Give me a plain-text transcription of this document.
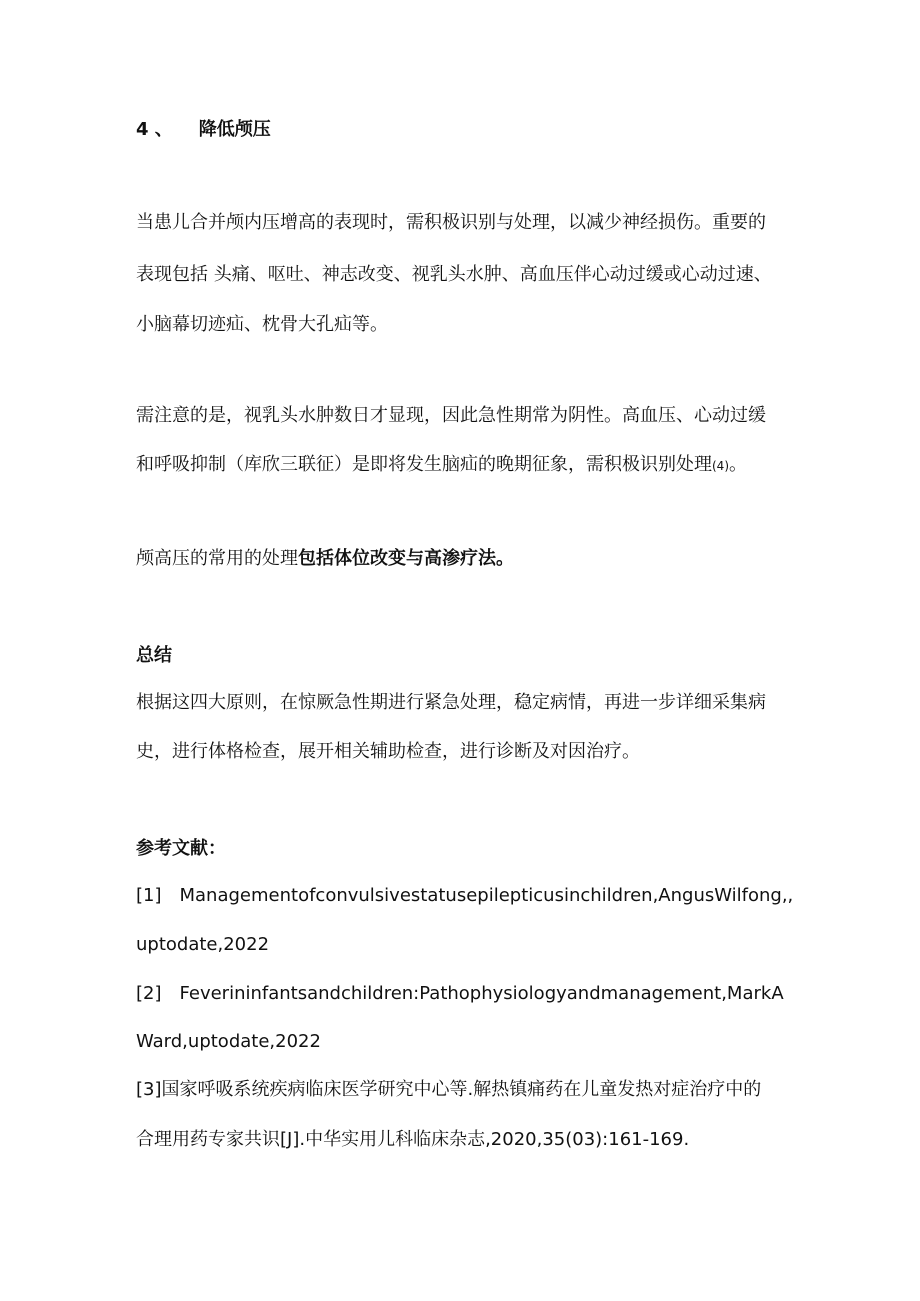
4 、 降低颅压
当患儿合并颅内压增高的表现时，需积极识别与处理，以减少神经损伤。重要的
表现包括 头痛、呕吐、神志改变、视乳头水肿、高血压伴心动过缓或心动过速、
小脑幕切迹疝、枕骨大孔疝等。
需注意的是，视乳头水肿数日才显现，因此急性期常为阴性。高血压、心动过缓
和呼吸抑制（库欣三联征）是即将发生脑疝的晚期征象，需积极识别处理(4)。
颅高压的常用的处理包括体位改变与高渗疗法。
总结
根据这四大原则，在惊厥急性期进行紧急处理，稳定病情，再进一步详细采集病
史，进行体格检查，展开相关辅助检查，进行诊断及对因治疗。
参考文献：
[1] Managementofconvulsivestatusepilepticusinchildren,AngusWilfong,,
uptodate,2022
[2] Feverininfantsandchildren:Pathophysiologyandmanagement,MarkA
Ward,uptodate,2022
[3]国家呼吸系统疾病临床医学研究中心等.解热镇痛药在儿童发热对症治疗中的
合理用药专家共识[J].中华实用儿科临床杂志,2020,35(03):161-169.
